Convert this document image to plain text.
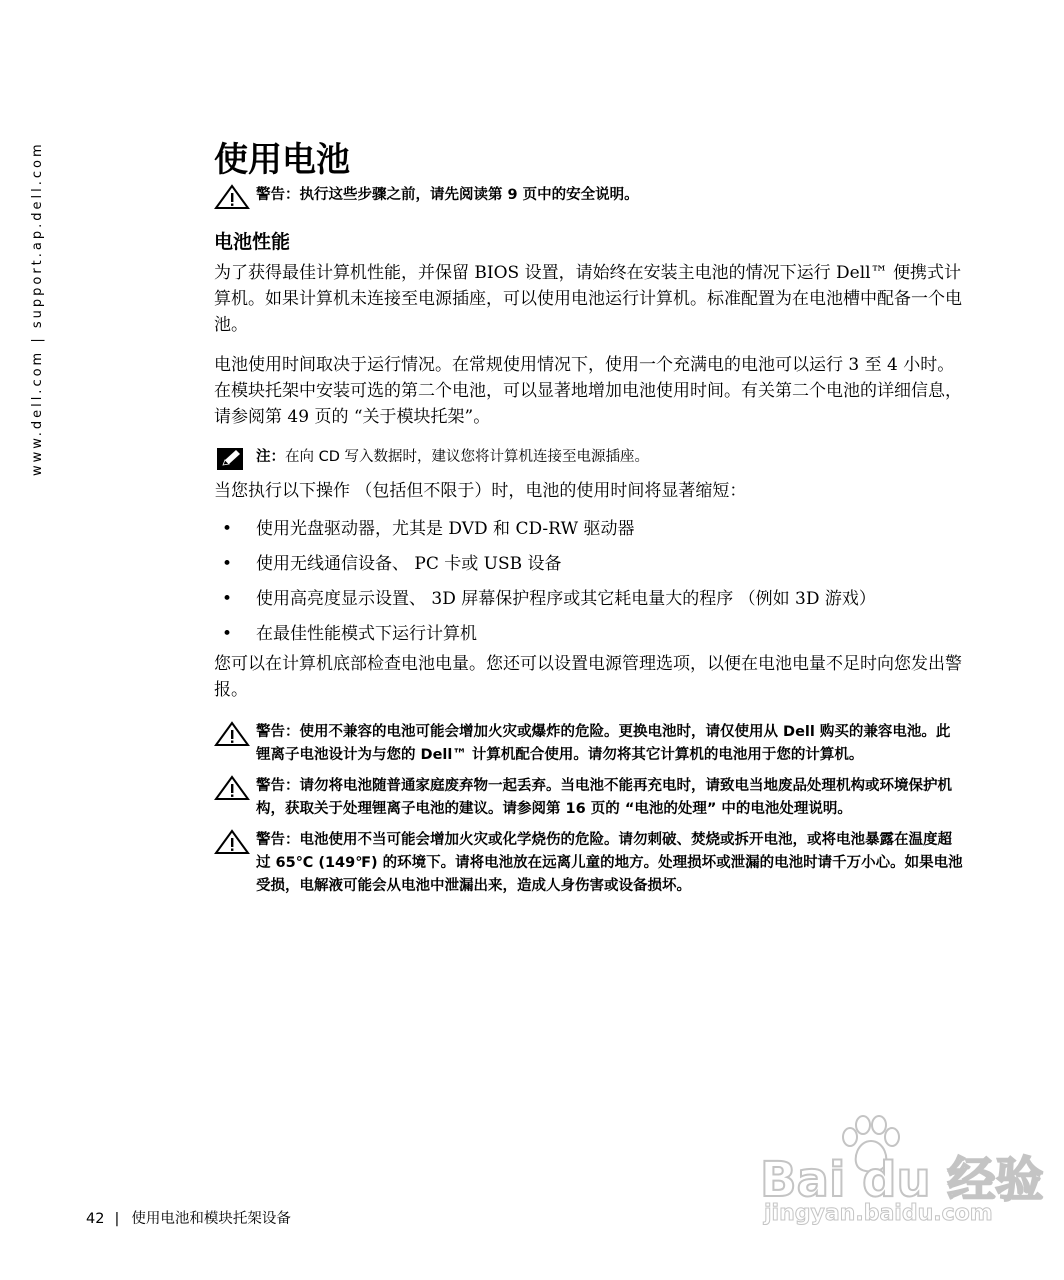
www.dell.com | support.ap.dell.com	使用电池
警告：执行这些步骤之前，请先阅读第 9 页中的安全说明。
电池性能

为了获得最佳计算机性能，并保留 BIOS 设置，请始终在安装主电池的情况下运行 Dell™ 便携式计算机。如果计算机未连接至电源插座，可以使用电池运行计算机。标准配置为在电池槽中配备一个电池。

电池使用时间取决于运行情况。在常规使用情况下，使用一个充满电的电池可以运行 3 至 4 小时。在模块托架中安装可选的第二个电池，可以显著地增加电池使用时间。有关第二个电池的详细信息，请参阅第 49 页的 “关于模块托架”。

注：在向 CD 写入数据时，建议您将计算机连接至电源插座。

当您执行以下操作 （包括但不限于）时，电池的使用时间将显著缩短：

• 使用光盘驱动器，尤其是 DVD 和 CD-RW 驱动器
• 使用无线通信设备、 PC 卡或 USB 设备
• 使用高亮度显示设置、 3D 屏幕保护程序或其它耗电量大的程序 （例如 3D 游戏）
• 在最佳性能模式下运行计算机

您可以在计算机底部检查电池电量。您还可以设置电源管理选项，以便在电池电量不足时向您发出警报。

警告：使用不兼容的电池可能会增加火灾或爆炸的危险。更换电池时，请仅使用从 Dell 购买的兼容电池。此锂离子电池设计为与您的 Dell™ 计算机配合使用。请勿将其它计算机的电池用于您的计算机。
警告：请勿将电池随普通家庭废弃物一起丢弃。当电池不能再充电时，请致电当地废品处理机构或环境保护机构，获取关于处理锂离子电池的建议。请参阅第 16 页的 “电池的处理” 中的电池处理说明。
警告：电池使用不当可能会增加火灾或化学烧伤的危险。请勿刺破、焚烧或拆开电池，或将电池暴露在温度超过 65℃ (149℉) 的环境下。请将电池放在远离儿童的地方。处理损坏或泄漏的电池时请千万小心。如果电池受损，电解液可能会从电池中泄漏出来，造成人身伤害或设备损坏。
42 | 使用电池和模块托架设备
Bai du 经验
jingyan.baidu.com
